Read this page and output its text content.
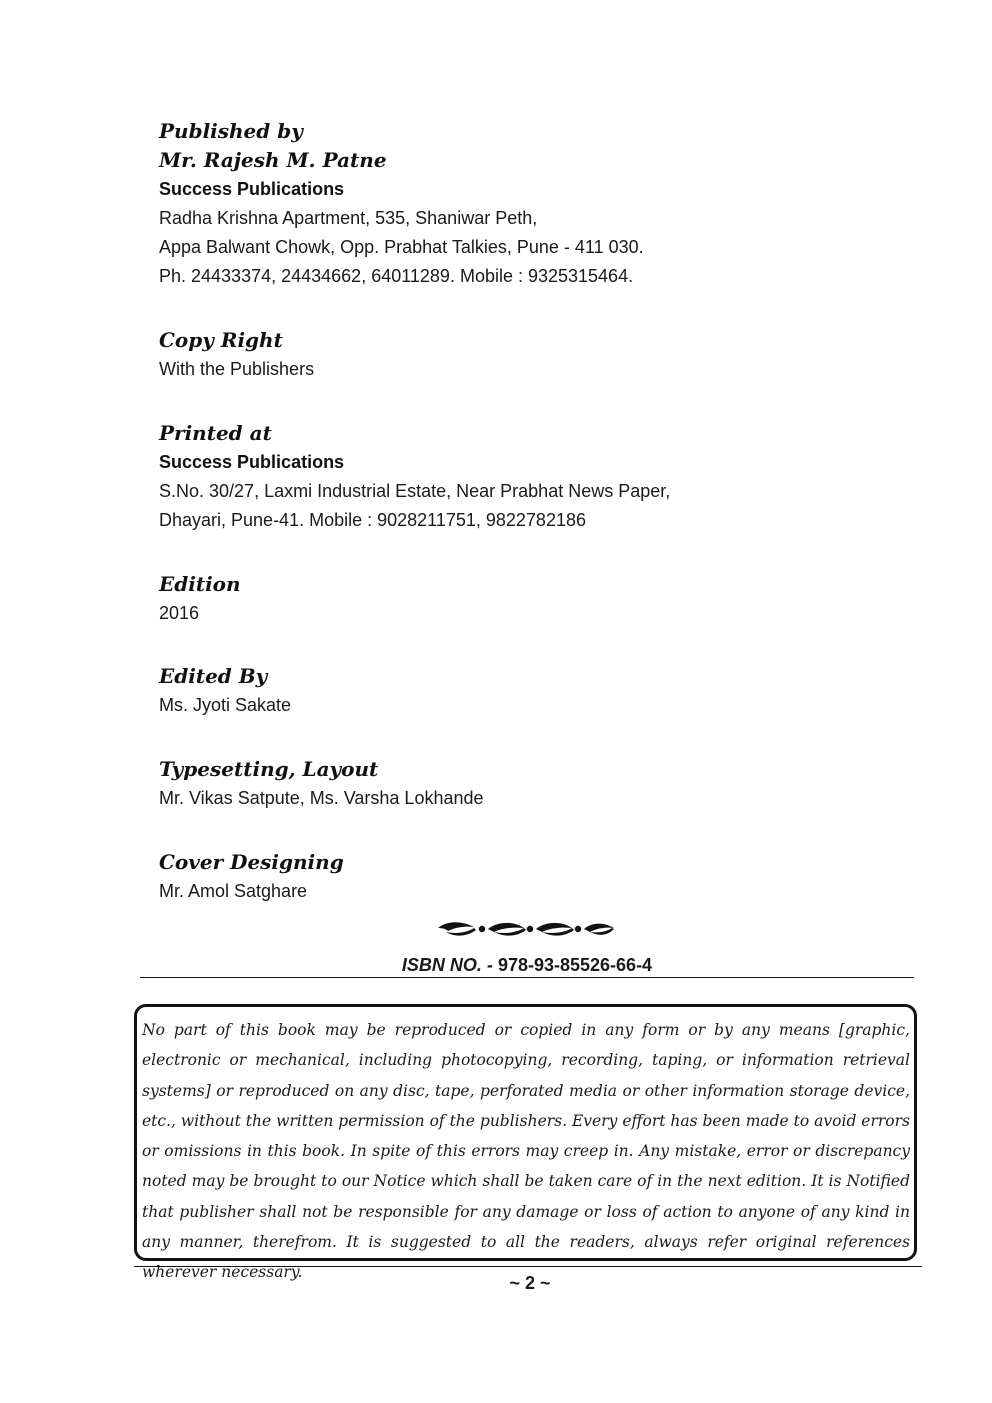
Published by
Mr. Rajesh M. Patne
Success Publications
Radha Krishna Apartment, 535, Shaniwar Peth,
Appa Balwant Chowk, Opp. Prabhat Talkies, Pune - 411 030.
Ph. 24433374, 24434662, 64011289. Mobile : 9325315464.
Copy Right
With the Publishers
Printed at
Success Publications
S.No. 30/27, Laxmi Industrial Estate, Near Prabhat News Paper,
Dhayari, Pune-41. Mobile : 9028211751, 9822782186
Edition
2016
Edited By
Ms. Jyoti Sakate
Typesetting, Layout
Mr. Vikas Satpute, Ms. Varsha Lokhande
Cover Designing
Mr. Amol Satghare
ISBN NO. - 978-93-85526-66-4

No part of this book may be reproduced or copied in any form or by any means [graphic, electronic or mechanical, including photocopying, recording, taping, or information retrieval systems] or reproduced on any disc, tape, perforated media or other information storage device, etc., without the written permission of the publishers. Every effort has been made to avoid errors or omissions in this book. In spite of this errors may creep in. Any mistake, error or discrepancy noted may be brought to our Notice which shall be taken care of in the next edition. It is Notified that publisher shall not be responsible for any damage or loss of action to anyone of any kind in any manner, therefrom. It is suggested to all the readers, always refer original references wherever necessary.

~ 2 ~
